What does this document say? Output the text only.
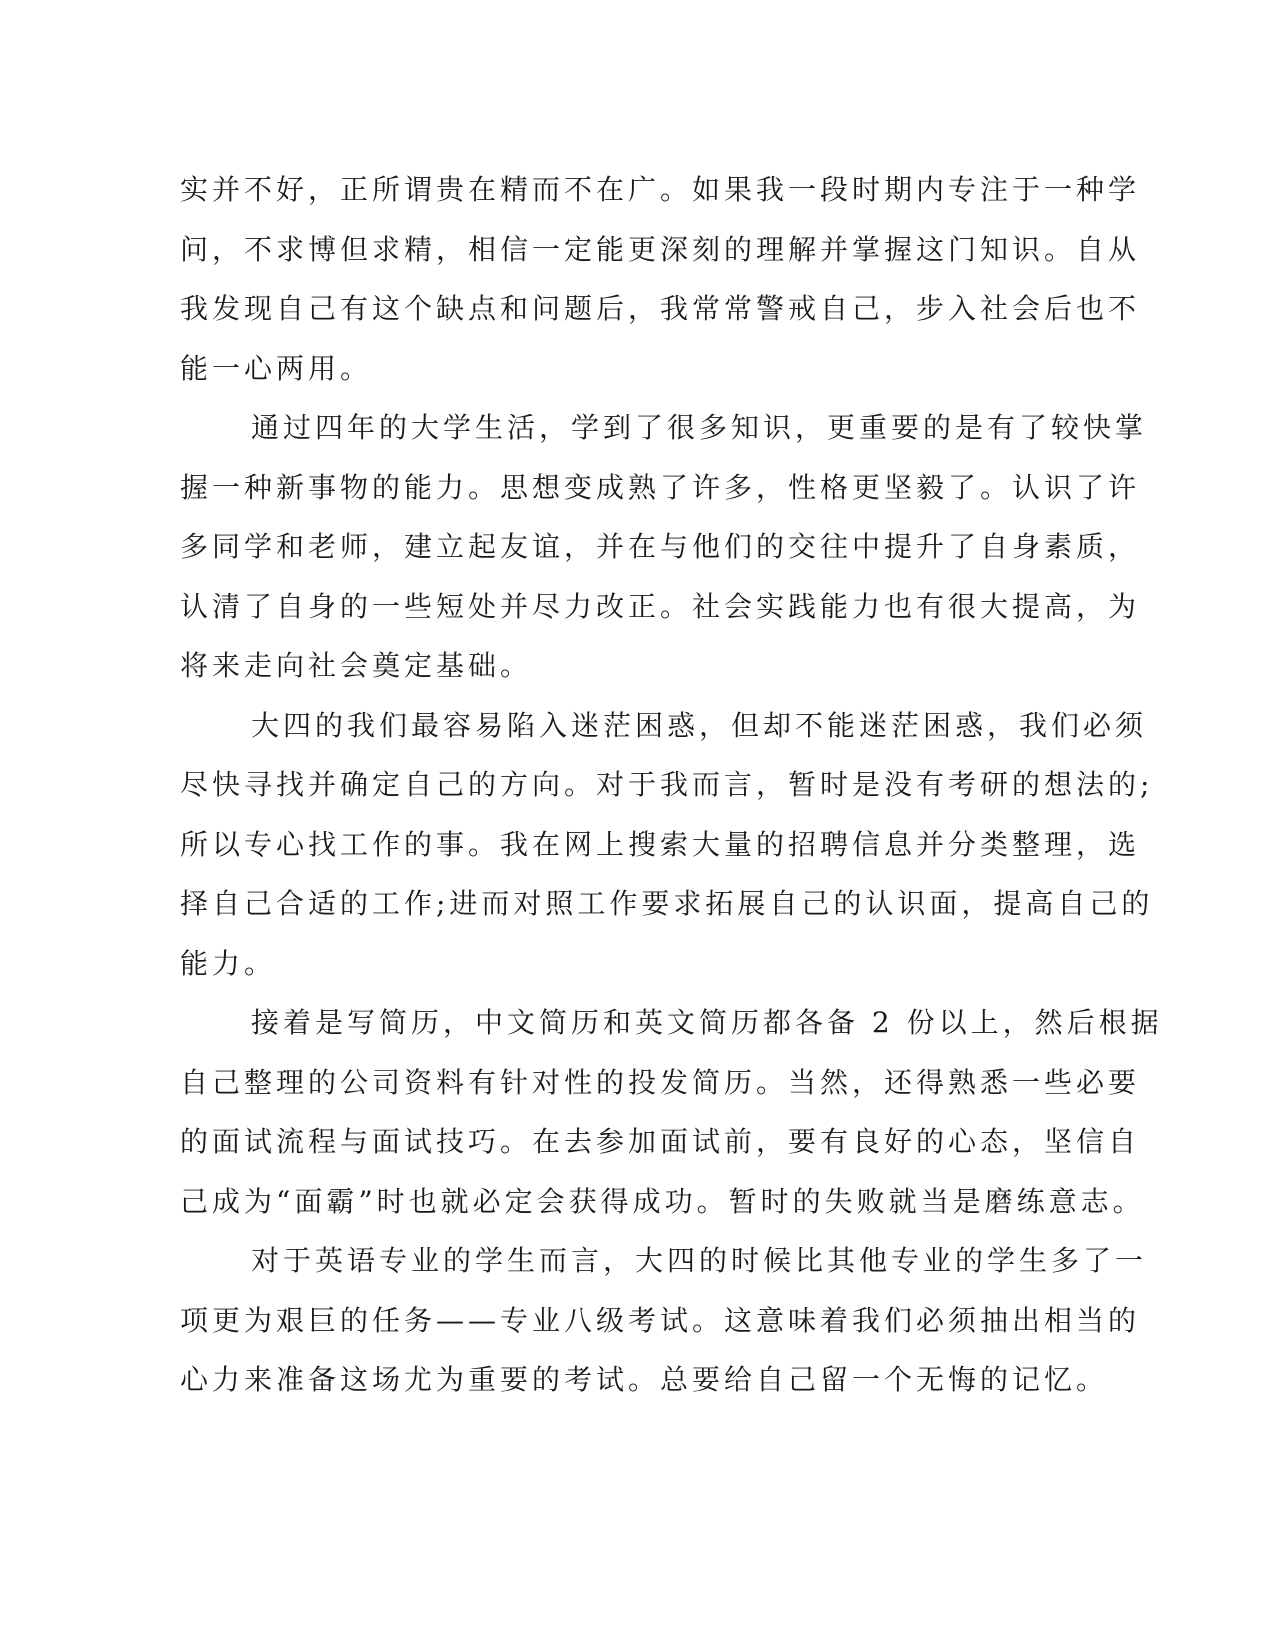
实并不好，正所谓贵在精而不在广。如果我一段时期内专注于一种学
问，不求博但求精，相信一定能更深刻的理解并掌握这门知识。自从
我发现自己有这个缺点和问题后，我常常警戒自己，步入社会后也不
能一心两用。
通过四年的大学生活，学到了很多知识，更重要的是有了较快掌
握一种新事物的能力。思想变成熟了许多，性格更坚毅了。认识了许
多同学和老师，建立起友谊，并在与他们的交往中提升了自身素质，
认清了自身的一些短处并尽力改正。社会实践能力也有很大提高，为
将来走向社会奠定基础。
大四的我们最容易陷入迷茫困惑，但却不能迷茫困惑，我们必须
尽快寻找并确定自己的方向。对于我而言，暂时是没有考研的想法的;
所以专心找工作的事。我在网上搜索大量的招聘信息并分类整理，选
择自己合适的工作;进而对照工作要求拓展自己的认识面，提高自己的
能力。
接着是写简历，中文简历和英文简历都各备 2 份以上，然后根据
自己整理的公司资料有针对性的投发简历。当然，还得熟悉一些必要
的面试流程与面试技巧。在去参加面试前，要有良好的心态，坚信自
己成为“面霸”时也就必定会获得成功。暂时的失败就当是磨练意志。
对于英语专业的学生而言，大四的时候比其他专业的学生多了一
项更为艰巨的任务——专业八级考试。这意味着我们必须抽出相当的
心力来准备这场尤为重要的考试。总要给自己留一个无悔的记忆。
